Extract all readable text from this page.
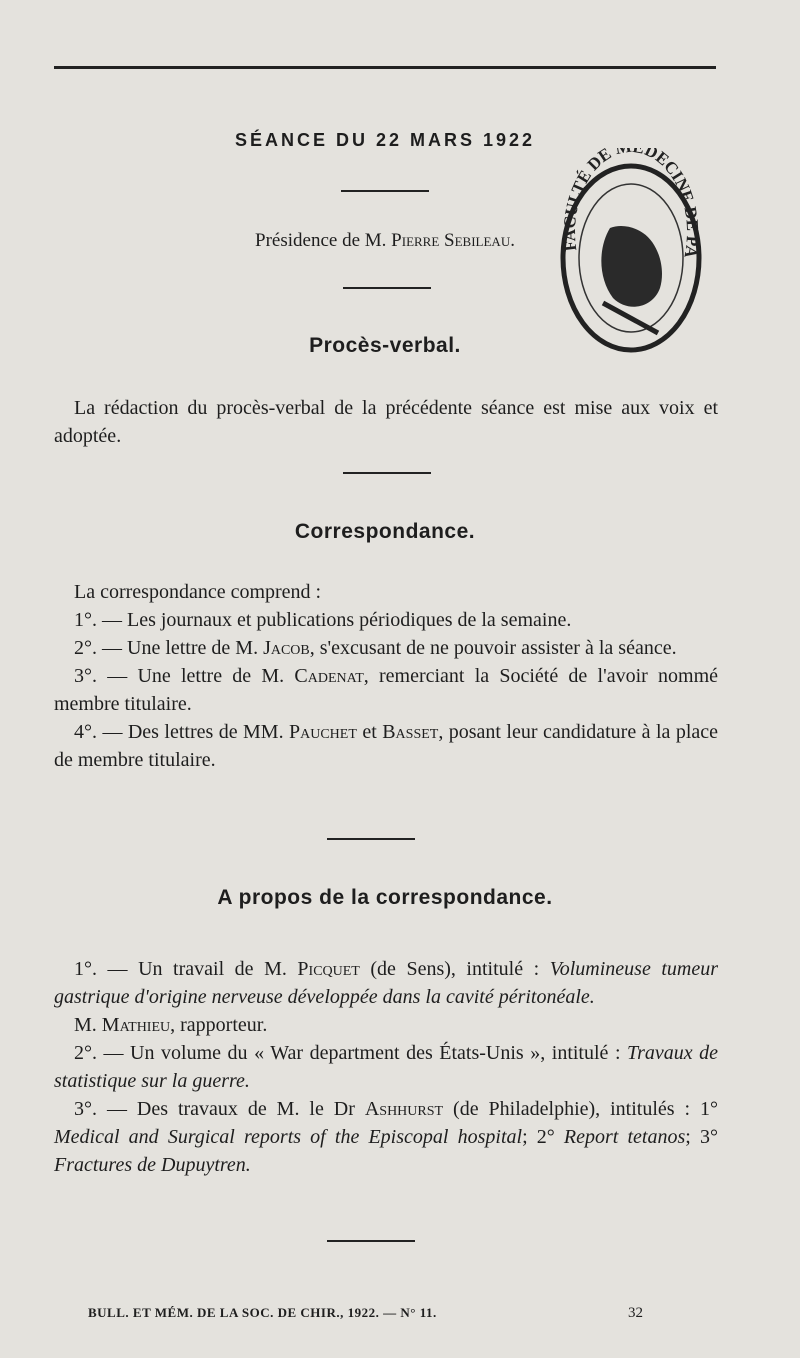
SÉANCE DU 22 MARS 1922
Présidence de M. Pierre Sebileau.	FACULTÉ DE DECINE DE PA
Procès-verbal.

La rédaction du procès-verbal de la précédente séance est mise aux voix et adoptée.

Correspondance.

La correspondance comprend :

1°. — Les journaux et publications périodiques de la semaine.

2°. — Une lettre de M. Jacob, s'excusant de ne pouvoir assister à la séance.

3°. — Une lettre de M. Cadenat, remerciant la Société de l'avoir nommé membre titulaire.

4°. — Des lettres de MM. Pauchet et Basset, posant leur candidature à la place de membre titulaire.

A propos de la correspondance.

1°. — Un travail de M. Picquet (de Sens), intitulé : Volumineuse tumeur gastrique d'origine nerveuse développée dans la cavité péritonéale.

M. Mathieu, rapporteur.

2°. — Un volume du « War department des États-Unis », intitulé : Travaux de statistique sur la guerre.

3°. — Des travaux de M. le Dr Ashhurst (de Philadelphie), intitulés : 1° Medical and Surgical reports of the Episcopal hospital; 2° Report tetanos; 3° Fractures de Dupuytren.

BULL. ET MÉM. DE LA SOC. DE CHIR., 1922. — N° 11.	32
